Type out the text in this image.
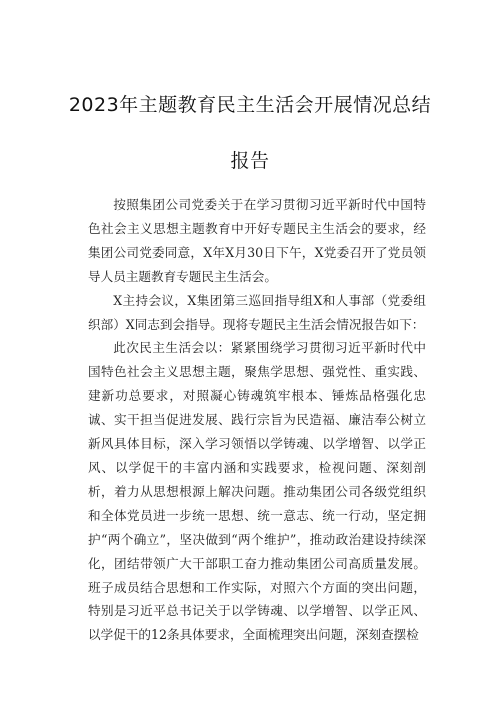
2023年主题教育民主生活会开展情况总结
报告

按照集团公司党委关于在学习贯彻习近平新时代中国特色社会主义思想主题教育中开好专题民主生活会的要求，经集团公司党委同意，X年X月30日下午，X党委召开了党员领导人员主题教育专题民主生活会。

X主持会议，X集团第三巡回指导组X和人事部（党委组织部）X同志到会指导。现将专题民主生活会情况报告如下：

此次民主生活会以：紧紧围绕学习贯彻习近平新时代中国特色社会主义思想主题，聚焦学思想、强党性、重实践、建新功总要求，对照凝心铸魂筑牢根本、锤炼品格强化忠诚、实干担当促进发展、践行宗旨为民造福、廉洁奉公树立新风具体目标，深入学习领悟以学铸魂、以学增智、以学正风、以学促干的丰富内涵和实践要求，检视问题、深刻剖析，着力从思想根源上解决问题。推动集团公司各级党组织和全体党员进一步统一思想、统一意志、统一行动，坚定拥护“两个确立”，坚决做到“两个维护”，推动政治建设持续深化，团结带领广大干部职工奋力推动集团公司高质量发展。班子成员结合思想和工作实际，对照六个方面的突出问题，特别是习近平总书记关于以学铸魂、以学增智、以学正风、以学促干的12条具体要求，全面梳理突出问题，深刻查摆检
